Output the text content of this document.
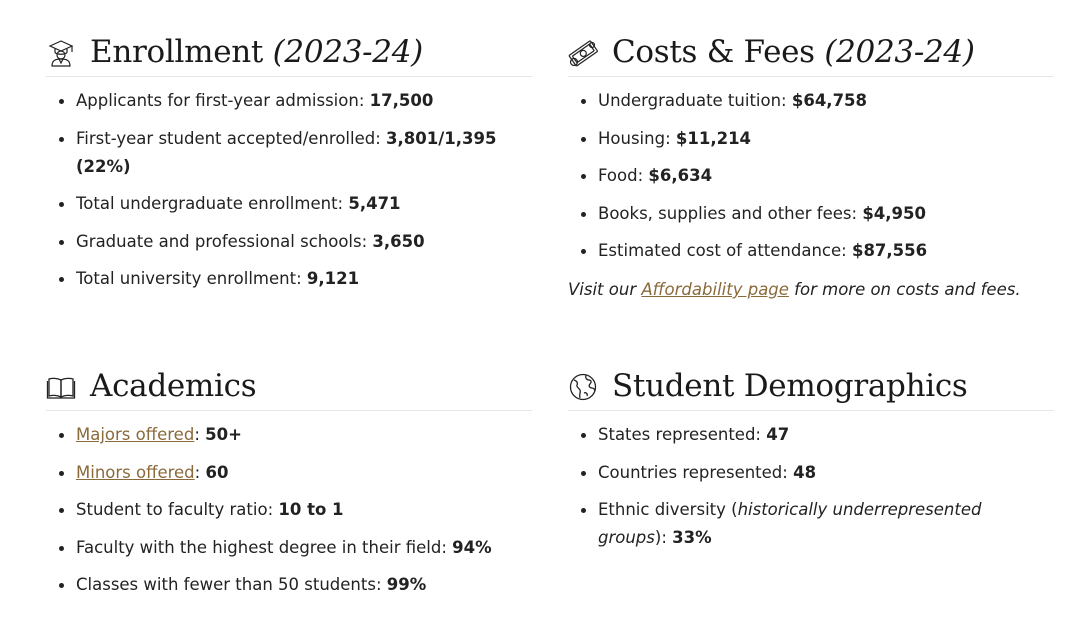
Enrollment (2023-24)
Applicants for first-year admission: 17,500
First-year student accepted/enrolled: 3,801/1,395 (22%)
Total undergraduate enrollment: 5,471
Graduate and professional schools: 3,650
Total university enrollment: 9,121
Costs & Fees (2023-24)
Undergraduate tuition: $64,758
Housing: $11,214
Food: $6,634
Books, supplies and other fees: $4,950
Estimated cost of attendance: $87,556

Visit our Affordability page for more on costs and fees.

Academics
Majors offered: 50+
Minors offered: 60
Student to faculty ratio: 10 to 1
Faculty with the highest degree in their field: 94%
Classes with fewer than 50 students: 99%
Student Demographics
States represented: 47
Countries represented: 48
Ethnic diversity (historically underrepresented groups): 33%
